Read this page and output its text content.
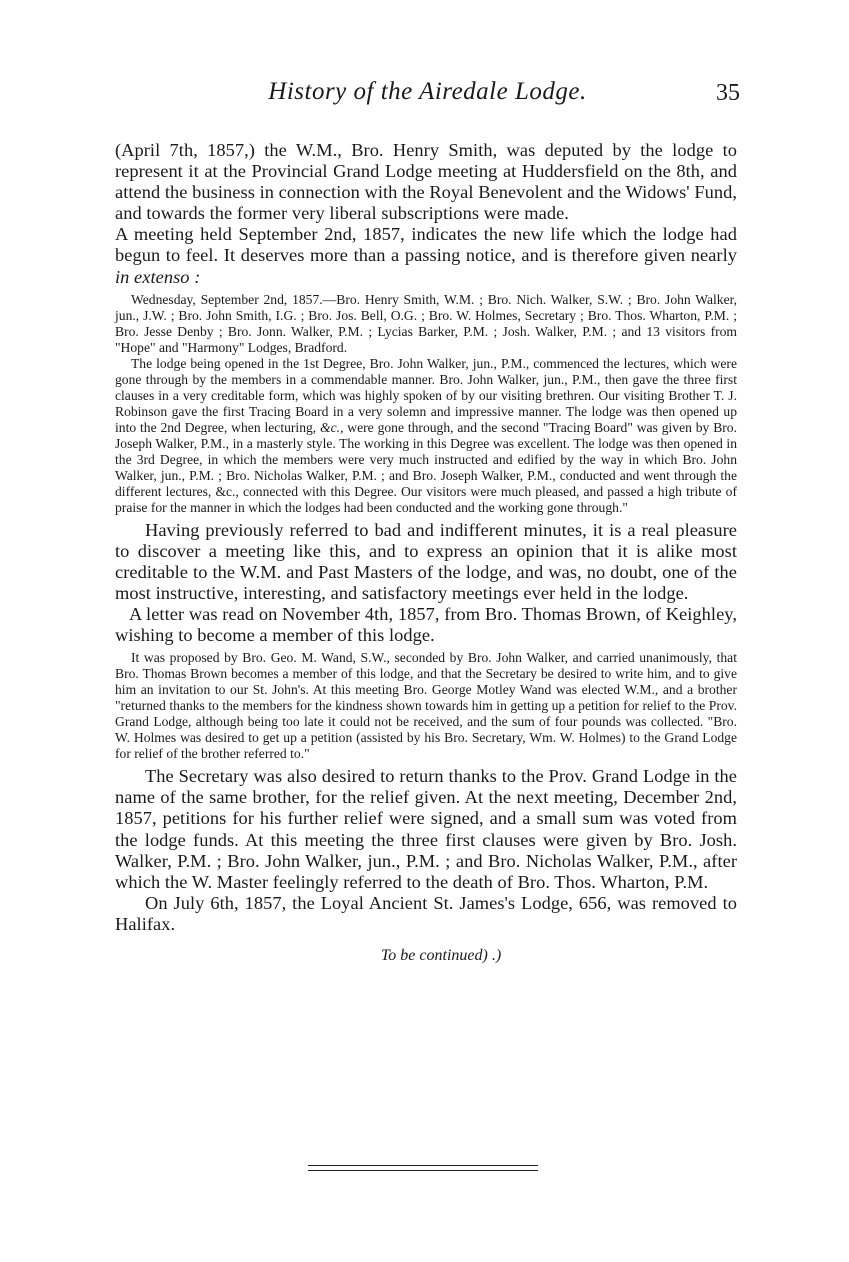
History of the Airedale Lodge.	35

(April 7th, 1857,) the W.M., Bro. Henry Smith, was deputed by the lodge to represent it at the Provincial Grand Lodge meeting at Huddersfield on the 8th, and attend the business in connection with the Royal Benevolent and the Widows' Fund, and towards the former very liberal subscriptions were made.

A meeting held September 2nd, 1857, indicates the new life which the lodge had begun to feel. It deserves more than a passing notice, and is therefore given nearly in extenso :

Wednesday, September 2nd, 1857.—Bro. Henry Smith, W.M. ; Bro. Nich. Walker, S.W. ; Bro. John Walker, jun., J.W. ; Bro. John Smith, I.G. ; Bro. Jos. Bell, O.G. ; Bro. W. Holmes, Secretary ; Bro. Thos. Wharton, P.M. ; Bro. Jesse Denby ; Bro. Jonn. Walker, P.M. ; Lycias Barker, P.M. ; Josh. Walker, P.M. ; and 13 visitors from "Hope" and "Harmony" Lodges, Bradford.

The lodge being opened in the 1st Degree, Bro. John Walker, jun., P.M., commenced the lectures, which were gone through by the members in a commendable manner. Bro. John Walker, jun., P.M., then gave the three first clauses in a very creditable form, which was highly spoken of by our visiting brethren. Our visiting Brother T. J. Robinson gave the first Tracing Board in a very solemn and impressive manner. The lodge was then opened up into the 2nd Degree, when lecturing, &c., were gone through, and the second "Tracing Board" was given by Bro. Joseph Walker, P.M., in a masterly style. The working in this Degree was excellent. The lodge was then opened in the 3rd Degree, in which the members were very much instructed and edified by the way in which Bro. John Walker, jun., P.M. ; Bro. Nicholas Walker, P.M. ; and Bro. Joseph Walker, P.M., conducted and went through the different lectures, &c., connected with this Degree. Our visitors were much pleased, and passed a high tribute of praise for the manner in which the lodges had been conducted and the working gone through."

Having previously referred to bad and indifferent minutes, it is a real pleasure to discover a meeting like this, and to express an opinion that it is alike most creditable to the W.M. and Past Masters of the lodge, and was, no doubt, one of the most instructive, interesting, and satisfactory meetings ever held in the lodge.

A letter was read on November 4th, 1857, from Bro. Thomas Brown, of Keighley, wishing to become a member of this lodge.

It was proposed by Bro. Geo. M. Wand, S.W., seconded by Bro. John Walker, and carried unanimously, that Bro. Thomas Brown becomes a member of this lodge, and that the Secretary be desired to write him, and to give him an invitation to our St. John's. At this meeting Bro. George Motley Wand was elected W.M., and a brother "returned thanks to the members for the kindness shown towards him in getting up a petition for relief to the Prov. Grand Lodge, although being too late it could not be received, and the sum of four pounds was collected. "Bro. W. Holmes was desired to get up a petition (assisted by his Bro. Secretary, Wm. W. Holmes) to the Grand Lodge for relief of the brother referred to."

The Secretary was also desired to return thanks to the Prov. Grand Lodge in the name of the same brother, for the relief given. At the next meeting, December 2nd, 1857, petitions for his further relief were signed, and a small sum was voted from the lodge funds. At this meeting the three first clauses were given by Bro. Josh. Walker, P.M. ; Bro. John Walker, jun., P.M. ; and Bro. Nicholas Walker, P.M., after which the W. Master feelingly referred to the death of Bro. Thos. Wharton, P.M.

On July 6th, 1857, the Loyal Ancient St. James's Lodge, 656, was removed to Halifax.

To be continued) .)
